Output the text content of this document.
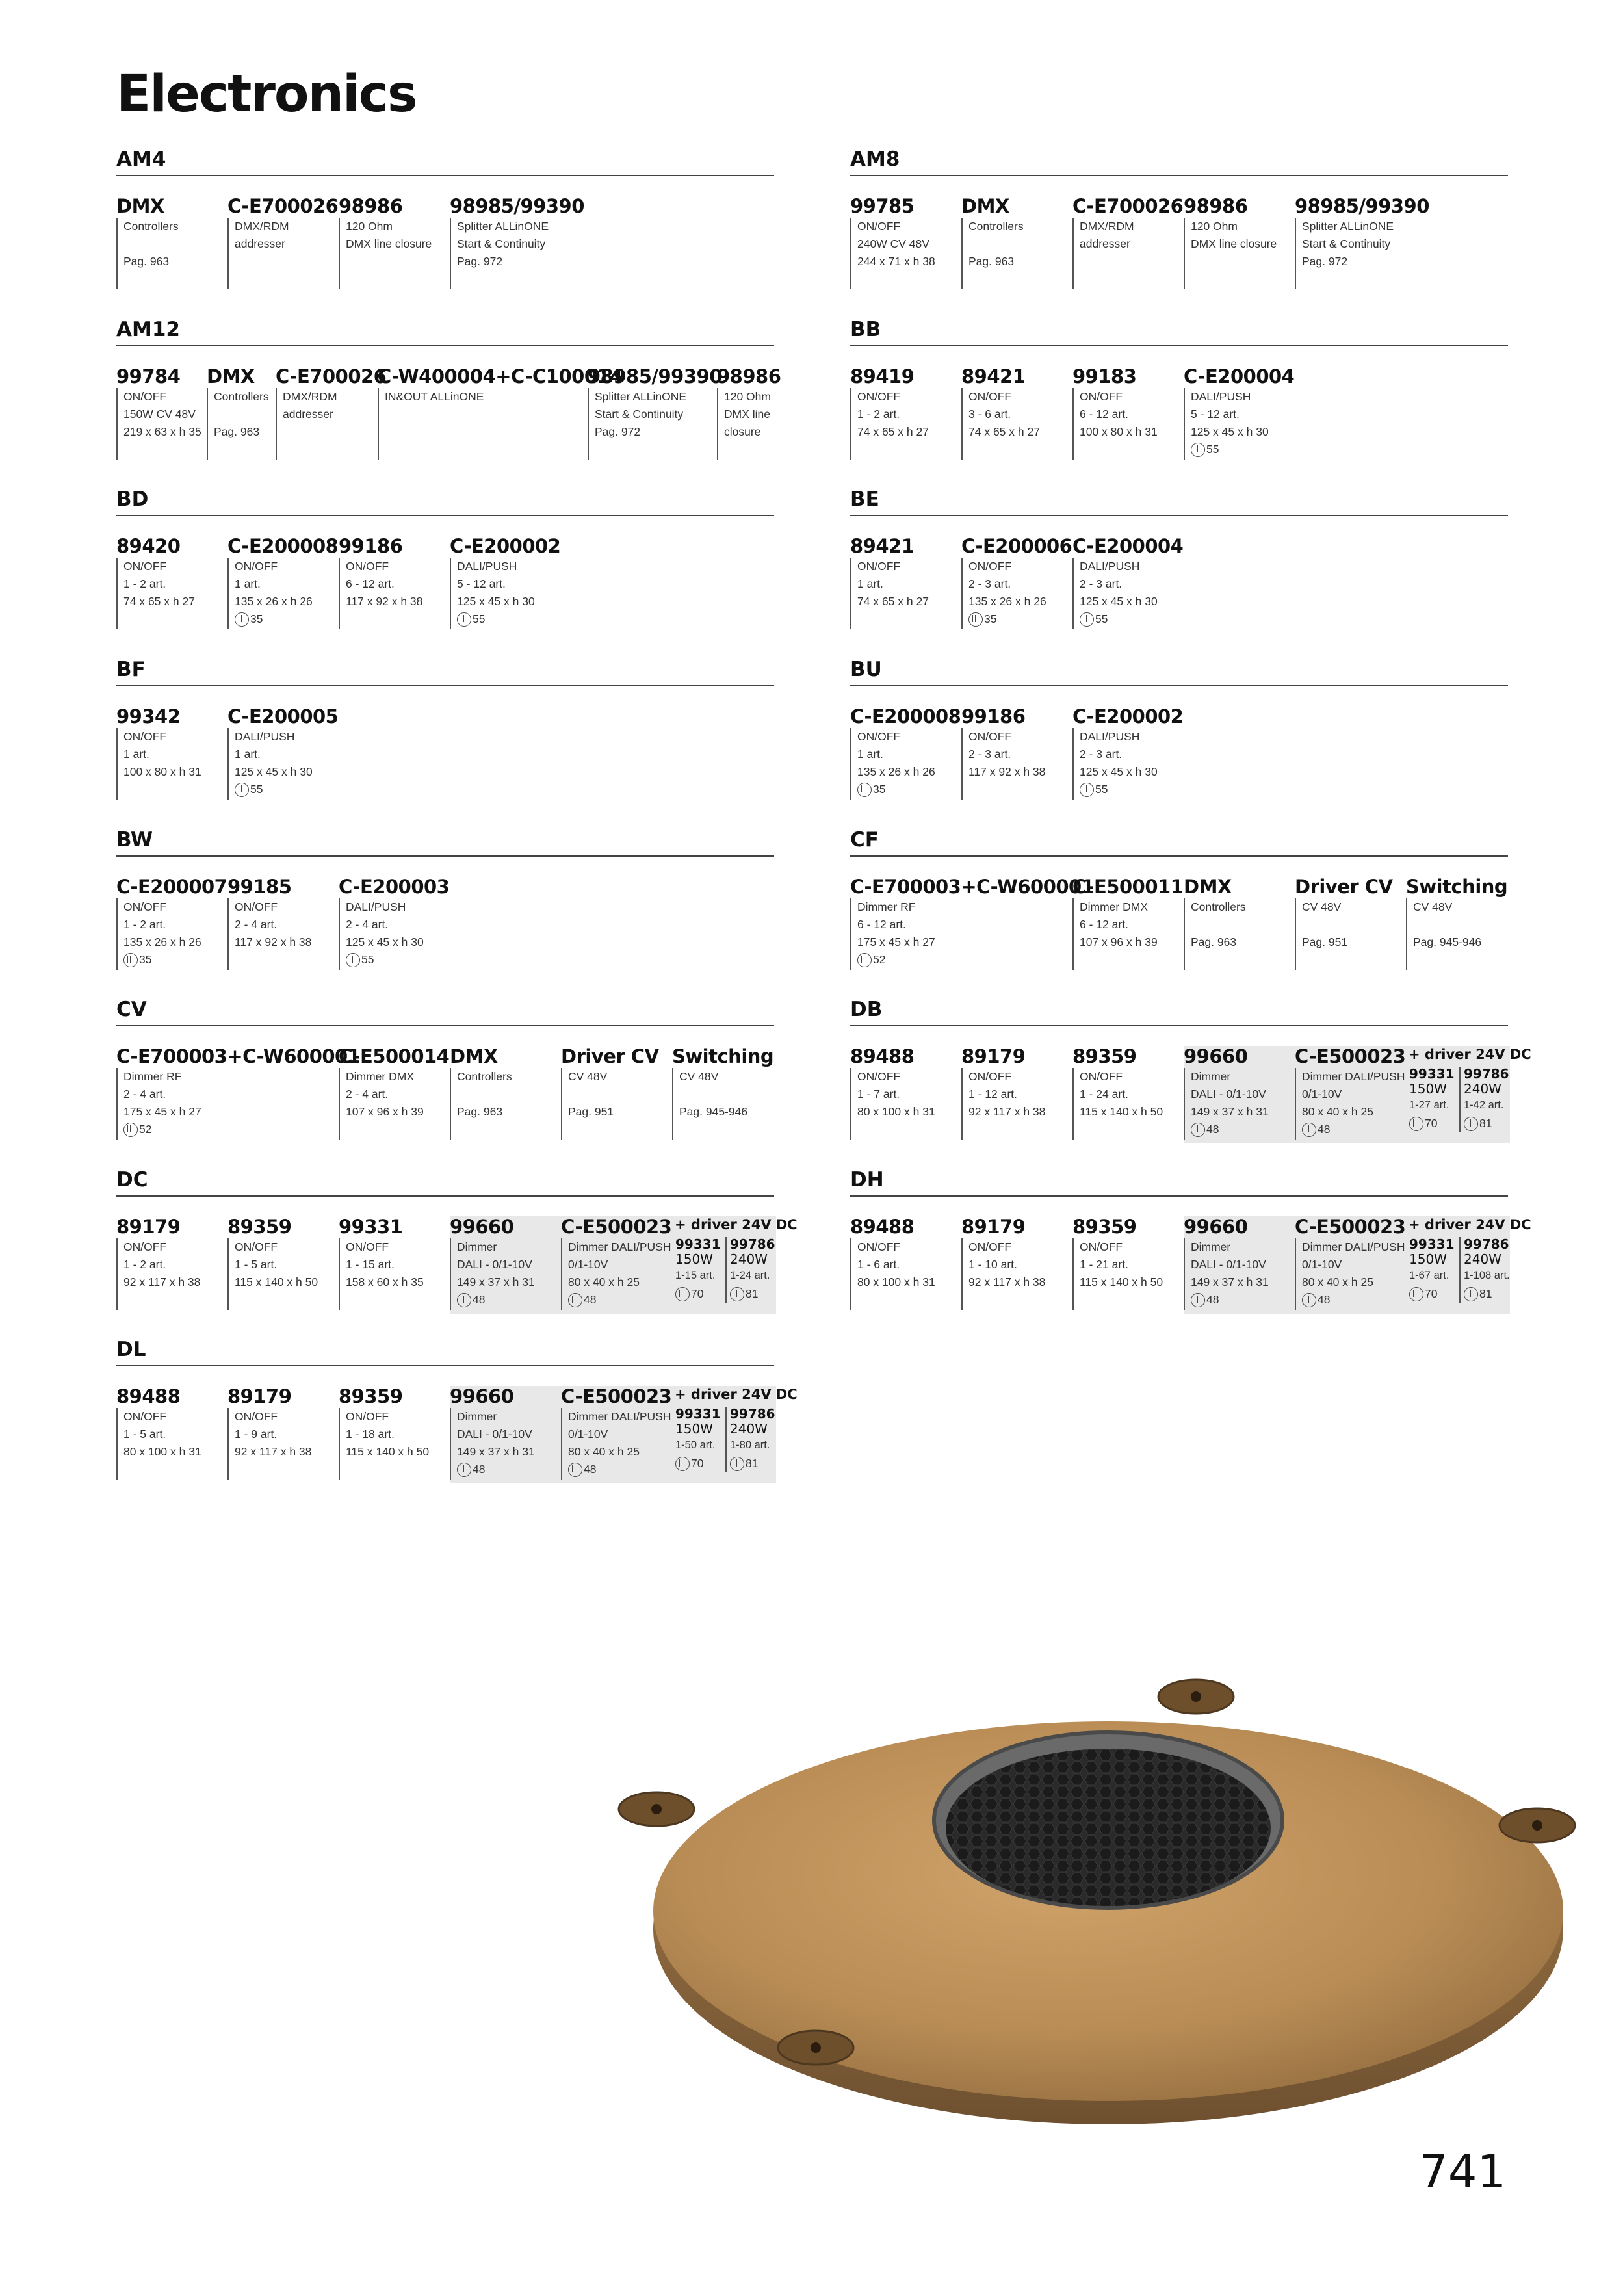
Electronics
AM4
DMX
Controllers

Pag. 963
C-E700026
DMX/RDM
addresser
98986
120 Ohm
DMX line closure
98985/99390
Splitter ALLinONE
Start & Continuity
Pag. 972
AM8
99785
ON/OFF
240W CV 48V
244 x 71 x h 38
DMX
Controllers

Pag. 963
C-E700026
DMX/RDM
addresser
98986
120 Ohm
DMX line closure
98985/99390
Splitter ALLinONE
Start & Continuity
Pag. 972
AM12
99784
ON/OFF
150W CV 48V
219 x 63 x h 35
DMX
Controllers

Pag. 963
C-E700026
DMX/RDM
addresser
C-W400004+C-C100014
IN&OUT ALLinONE
98985/99390
Splitter ALLinONE
Start & Continuity
Pag. 972
98986
120 Ohm
DMX line
closure
BB
89419
ON/OFF
1 - 2 art.
74 x 65 x h 27
89421
ON/OFF
3 - 6 art.
74 x 65 x h 27
99183
ON/OFF
6 - 12 art.
100 x 80 x h 31
C-E200004
DALI/PUSH
5 - 12 art.
125 x 45 x h 30
55
BD
89420
ON/OFF
1 - 2 art.
74 x 65 x h 27
C-E200008
ON/OFF
1 art.
135 x 26 x h 26
35
99186
ON/OFF
6 - 12 art.
117 x 92 x h 38
C-E200002
DALI/PUSH
5 - 12 art.
125 x 45 x h 30
55
BE
89421
ON/OFF
1 art.
74 x 65 x h 27
C-E200006
ON/OFF
2 - 3 art.
135 x 26 x h 26
35
C-E200004
DALI/PUSH
2 - 3 art.
125 x 45 x h 30
55
BF
99342
ON/OFF
1 art.
100 x 80 x h 31
C-E200005
DALI/PUSH
1 art.
125 x 45 x h 30
55
BU
C-E200008
ON/OFF
1 art.
135 x 26 x h 26
35
99186
ON/OFF
2 - 3 art.
117 x 92 x h 38
C-E200002
DALI/PUSH
2 - 3 art.
125 x 45 x h 30
55
BW
C-E200007
ON/OFF
1 - 2 art.
135 x 26 x h 26
35
99185
ON/OFF
2 - 4 art.
117 x 92 x h 38
C-E200003
DALI/PUSH
2 - 4 art.
125 x 45 x h 30
55
CF
C-E700003+C-W600001
Dimmer RF
6 - 12 art.
175 x 45 x h 27
52
C-E500011
Dimmer DMX
6 - 12 art.
107 x 96 x h 39
DMX
Controllers

Pag. 963
Driver CV
CV 48V

Pag. 951
Switching
CV 48V

Pag. 945-946
CV
C-E700003+C-W600001
Dimmer RF
2 - 4 art.
175 x 45 x h 27
52
C-E500014
Dimmer DMX
2 - 4 art.
107 x 96 x h 39
DMX
Controllers

Pag. 963
Driver CV
CV 48V

Pag. 951
Switching
CV 48V

Pag. 945-946
DB
89488
ON/OFF
1 - 7 art.
80 x 100 x h 31
89179
ON/OFF
1 - 12 art.
92 x 117 x h 38
89359
ON/OFF
1 - 24 art.
115 x 140 x h 50
99660
Dimmer
DALI - 0/1-10V
149 x 37 x h 31
48
C-E500023
Dimmer DALI/PUSH
0/1-10V
80 x 40 x h 25
48
+ driver 24V DC
99331
150W
1-27 art.
70
99786
240W
1-42 art.
81
DC
89179
ON/OFF
1 - 2 art.
92 x 117 x h 38
89359
ON/OFF
1 - 5 art.
115 x 140 x h 50
99331
ON/OFF
1 - 15 art.
158 x 60 x h 35
99660
Dimmer
DALI - 0/1-10V
149 x 37 x h 31
48
C-E500023
Dimmer DALI/PUSH
0/1-10V
80 x 40 x h 25
48
+ driver 24V DC
99331
150W
1-15 art.
70
99786
240W
1-24 art.
81
DH
89488
ON/OFF
1 - 6 art.
80 x 100 x h 31
89179
ON/OFF
1 - 10 art.
92 x 117 x h 38
89359
ON/OFF
1 - 21 art.
115 x 140 x h 50
99660
Dimmer
DALI - 0/1-10V
149 x 37 x h 31
48
C-E500023
Dimmer DALI/PUSH
0/1-10V
80 x 40 x h 25
48
+ driver 24V DC
99331
150W
1-67 art.
70
99786
240W
1-108 art.
81
DL
89488
ON/OFF
1 - 5 art.
80 x 100 x h 31
89179
ON/OFF
1 - 9 art.
92 x 117 x h 38
89359
ON/OFF
1 - 18 art.
115 x 140 x h 50
99660
Dimmer
DALI - 0/1-10V
149 x 37 x h 31
48
C-E500023
Dimmer DALI/PUSH
0/1-10V
80 x 40 x h 25
48
+ driver 24V DC
99331
150W
1-50 art.
70
99786
240W
1-80 art.
81
741
